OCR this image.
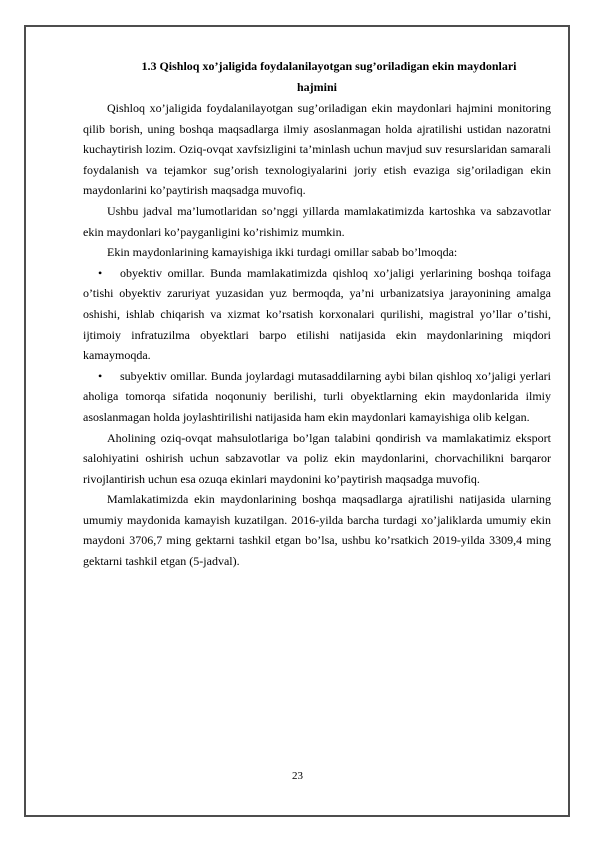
1.3 Qishloq xo’jaligida foydalanilayotgan sug’oriladigan ekin maydonlari

hajmini

Qishloq xo’jaligida foydalanilayotgan sug’oriladigan ekin maydonlari hajmini monitoring qilib borish, uning boshqa maqsadlarga ilmiy asoslanmagan holda ajratilishi ustidan nazoratni kuchaytirish lozim. Oziq-ovqat xavfsizligini ta’minlash uchun mavjud suv resurslaridan samarali foydalanish va tejamkor sug’orish texnologiyalarini joriy etish evaziga sig’oriladigan ekin maydonlarini ko’paytirish maqsadga muvofiq.

Ushbu jadval ma’lumotlaridan so’nggi yillarda mamlakatimizda kartoshka va sabzavotlar ekin maydonlari ko’payganligini ko’rishimiz mumkin.

Ekin maydonlarining kamayishiga ikki turdagi omillar sabab bo’lmoqda:

• obyektiv omillar. Bunda mamlakatimizda qishloq xo’jaligi yerlarining boshqa toifaga o’tishi obyektiv zaruriyat yuzasidan yuz bermoqda, ya’ni urbanizatsiya jarayonining amalga oshishi, ishlab chiqarish va xizmat ko’rsatish korxonalari qurilishi, magistral yo’llar o’tishi, ijtimoiy infratuzilma obyektlari barpo etilishi natijasida ekin maydonlarining miqdori kamaymoqda.

• subyektiv omillar. Bunda joylardagi mutasaddilarning aybi bilan qishloq xo’jaligi yerlari aholiga tomorqa sifatida noqonuniy berilishi, turli obyektlarning ekin maydonlarida ilmiy asoslanmagan holda joylashtirilishi natijasida ham ekin maydonlari kamayishiga olib kelgan.

Aholining oziq-ovqat mahsulotlariga bo’lgan talabini qondirish va mamlakatimiz eksport salohiyatini oshirish uchun sabzavotlar va poliz ekin maydonlarini, chorvachilikni barqaror rivojlantirish uchun esa ozuqa ekinlari maydonini ko’paytirish maqsadga muvofiq.

Mamlakatimizda ekin maydonlarining boshqa maqsadlarga ajratilishi natijasida ularning umumiy maydonida kamayish kuzatilgan. 2016-yilda barcha turdagi xo’jaliklarda umumiy ekin maydoni 3706,7 ming gektarni tashkil etgan bo’lsa, ushbu ko’rsatkich 2019-yilda 3309,4 ming gektarni tashkil etgan (5-jadval).

23
